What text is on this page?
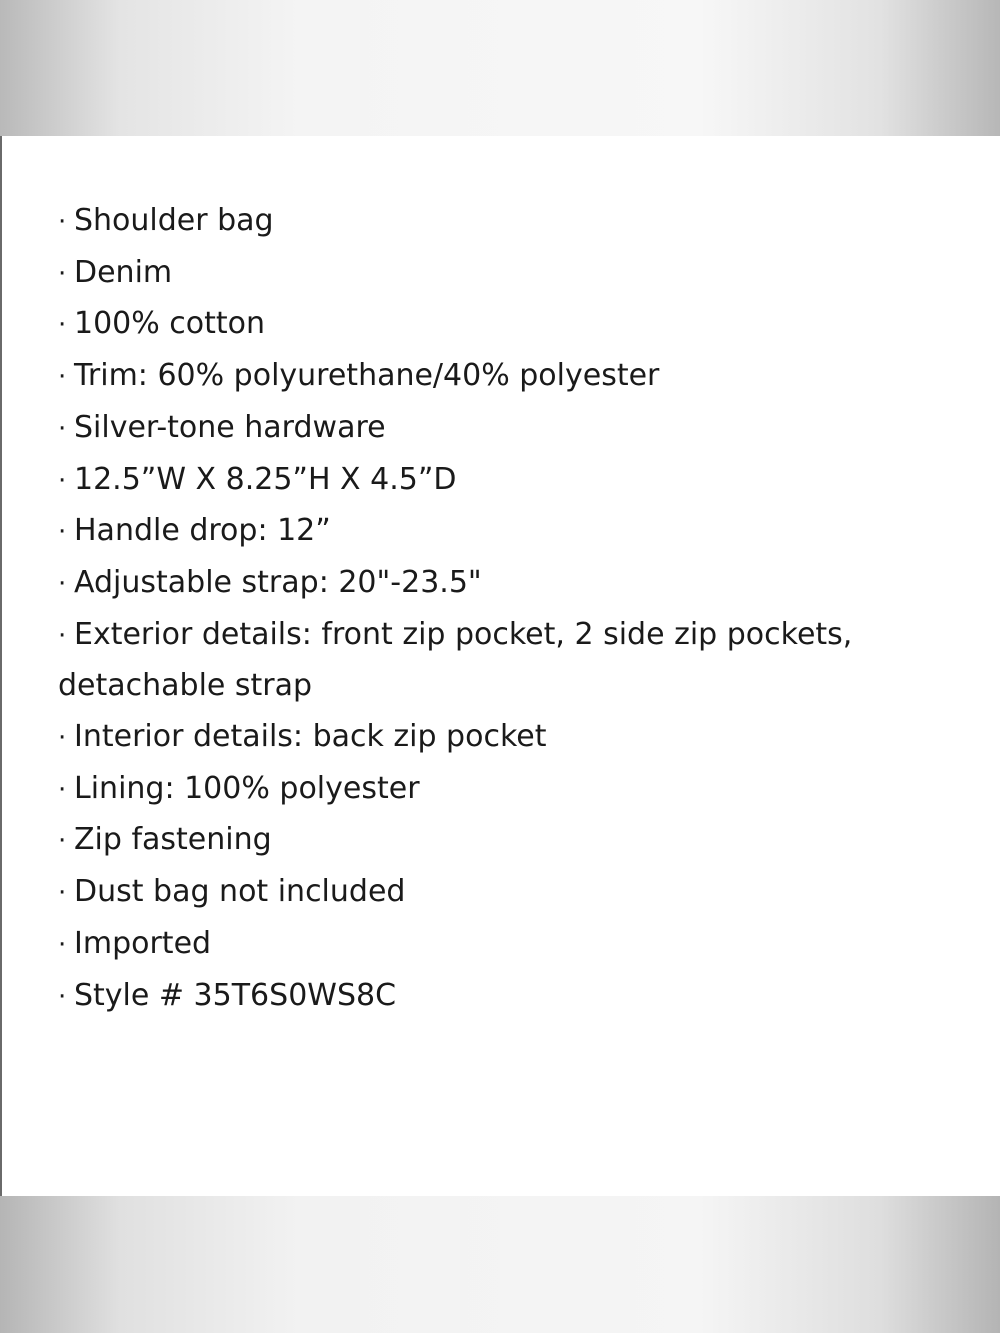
· Shoulder bag
· Denim
· 100% cotton
· Trim: 60% polyurethane/40% polyester
· Silver-tone hardware
· 12.5”W X 8.25”H X 4.5”D
· Handle drop: 12”
· Adjustable strap: 20"-23.5"
· Exterior details: front zip pocket, 2 side zip pockets,
detachable strap
· Interior details: back zip pocket
· Lining: 100% polyester
· Zip fastening
· Dust bag not included
· Imported
· Style # 35T6S0WS8C
